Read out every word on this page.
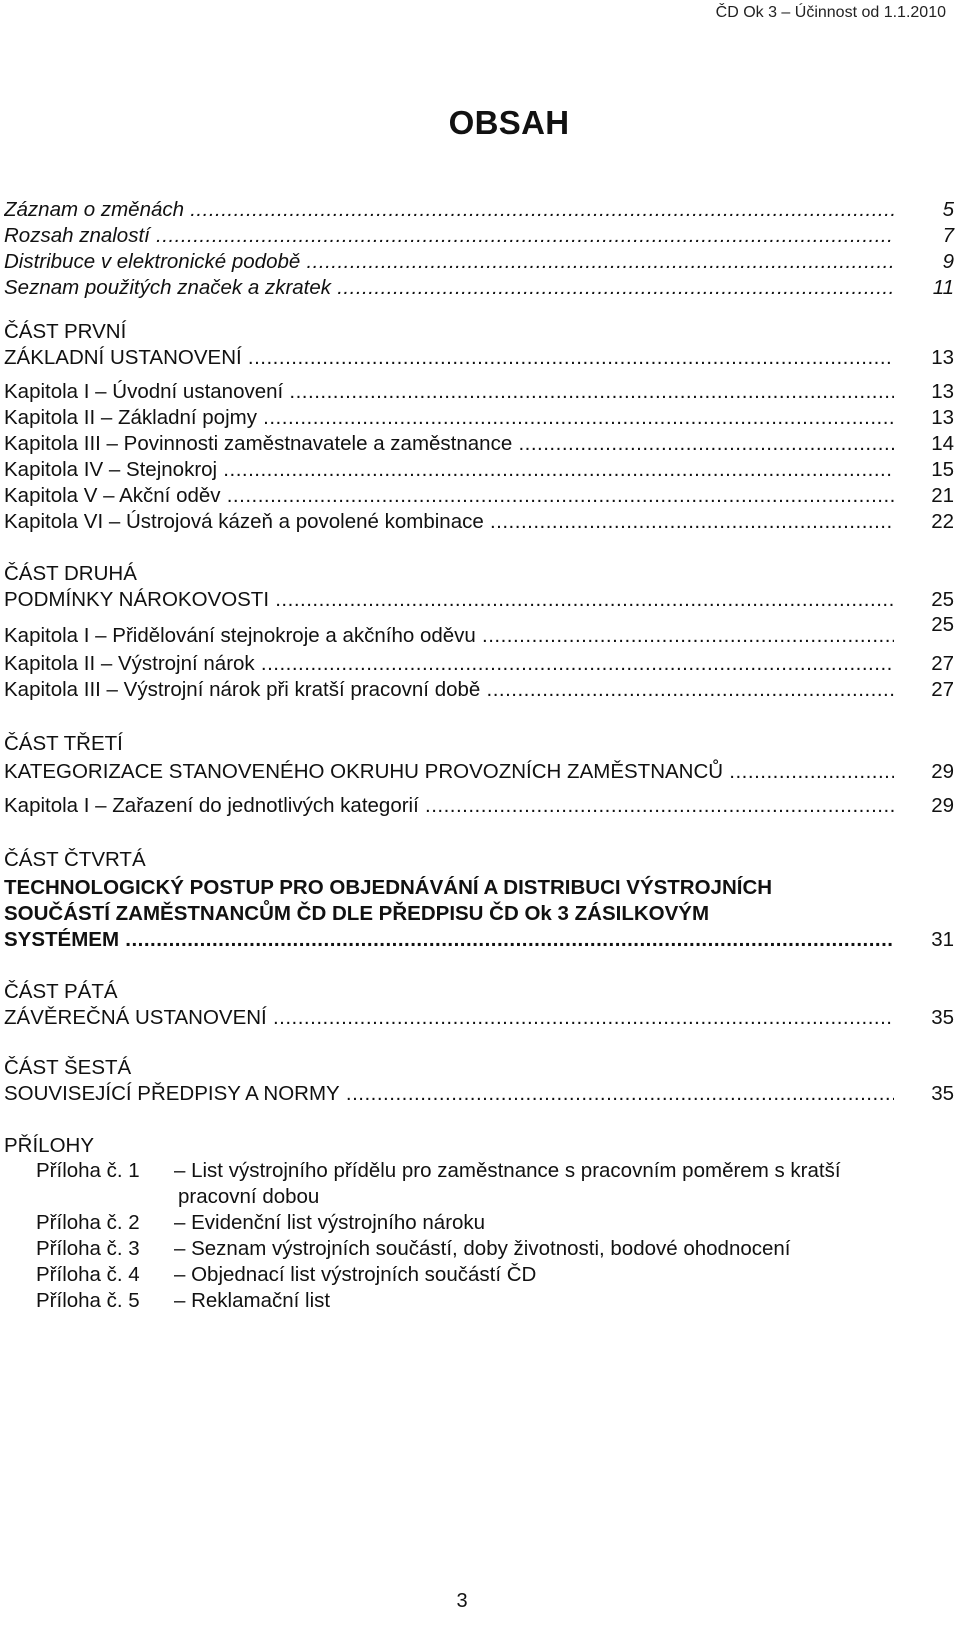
ČD Ok 3 – Účinnost od 1.1.2010
OBSAH
Záznam o změnách .....	5
Rozsah znalostí .....	7
Distribuce v elektronické podobě .....	9
Seznam použitých značek a zkratek .....	11
ČÁST PRVNÍ
ZÁKLADNÍ USTANOVENÍ .....	13
Kapitola I – Úvodní ustanovení .....	13
Kapitola II – Základní pojmy .....	13
Kapitola III – Povinnosti zaměstnavatele a zaměstnance .....	14
Kapitola IV – Stejnokroj .....	15
Kapitola V – Akční oděv .....	21
Kapitola VI – Ústrojová kázeň a povolené kombinace .....	22
ČÁST DRUHÁ
PODMÍNKY NÁROKOVOSTI .....	25
Kapitola I – Přidělování stejnokroje a akčního oděvu .....	25
Kapitola II – Výstrojní nárok .....	27
Kapitola III – Výstrojní nárok při kratší pracovní době .....	27
ČÁST TŘETÍ
KATEGORIZACE STANOVENÉHO OKRUHU PROVOZNÍCH ZAMĚSTNANCŮ .....	29
Kapitola I – Zařazení do jednotlivých kategorií .....	29
ČÁST ČTVRTÁ
TECHNOLOGICKÝ POSTUP PRO OBJEDNÁVÁNÍ A DISTRIBUCI VÝSTROJNÍCH
SOUČÁSTÍ ZAMĚSTNANCŮM ČD DLE PŘEDPISU ČD Ok 3 ZÁSILKOVÝM
SYSTÉMEM .....	31
ČÁST PÁTÁ
ZÁVĚREČNÁ USTANOVENÍ .....	35
ČÁST ŠESTÁ
SOUVISEJÍCÍ PŘEDPISY A NORMY .....	35
PŘÍLOHY
Příloha č. 1 – List výstrojního přídělu pro zaměstnance s pracovním poměrem s kratší
pracovní dobou
Příloha č. 2 – Evidenční list výstrojního nároku
Příloha č. 3 – Seznam výstrojních součástí, doby životnosti, bodové ohodnocení
Příloha č. 4 – Objednací list výstrojních součástí ČD
Příloha č. 5 – Reklamační list
3
